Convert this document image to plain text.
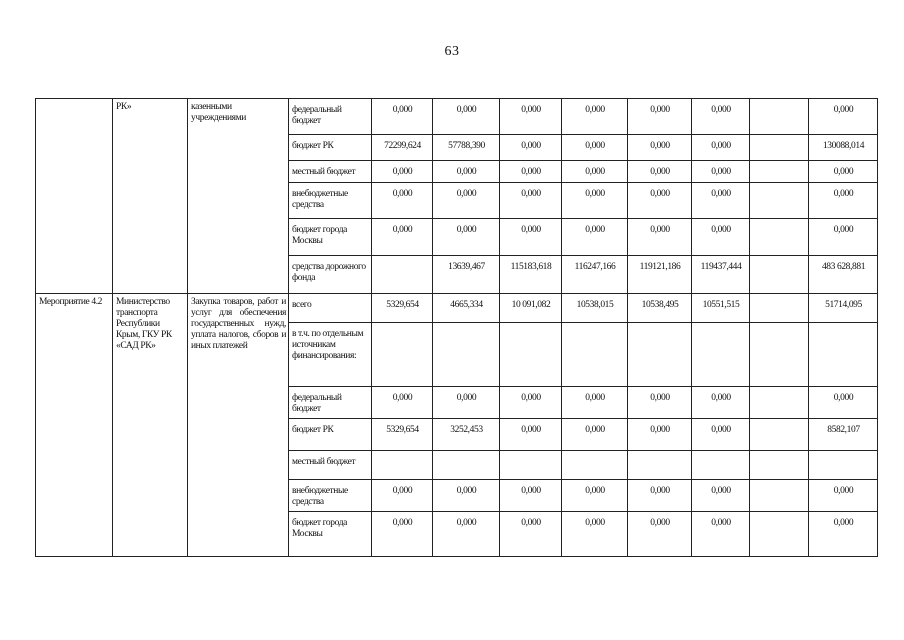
63
	РК»	казенными учреждениями	федеральный бюджет	0,000	0,000	0,000	0,000	0,000	0,000		0,000
			бюджет РК	72299,624	57788,390	0,000	0,000	0,000	0,000		130088,014
			местный бюджет	0,000	0,000	0,000	0,000	0,000	0,000		0,000
			внебюджетные средства	0,000	0,000	0,000	0,000	0,000	0,000		0,000
			бюджет города Москвы	0,000	0,000	0,000	0,000	0,000	0,000		0,000
			средства дорожного фонда		13639,467	115183,618	116247,166	119121,186	119437,444		483 628,881
Мероприятие 4.2	Министерство транспорта Республики Крым, ГКУ РК «САД РК»	Закупка товаров, работ и услуг для обеспечения государственных нужд, уплата налогов, сборов и иных платежей	всего	5329,654	4665,334	10 091,082	10538,015	10538,495	10551,515		51714,095
			в т.ч. по отдельным источникам финансирования:								
			федеральный бюджет	0,000	0,000	0,000	0,000	0,000	0,000		0,000
			бюджет РК	5329,654	3252,453	0,000	0,000	0,000	0,000		8582,107
			местный бюджет								
			внебюджетные средства	0,000	0,000	0,000	0,000	0,000	0,000		0,000
			бюджет города Москвы	0,000	0,000	0,000	0,000	0,000	0,000		0,000
